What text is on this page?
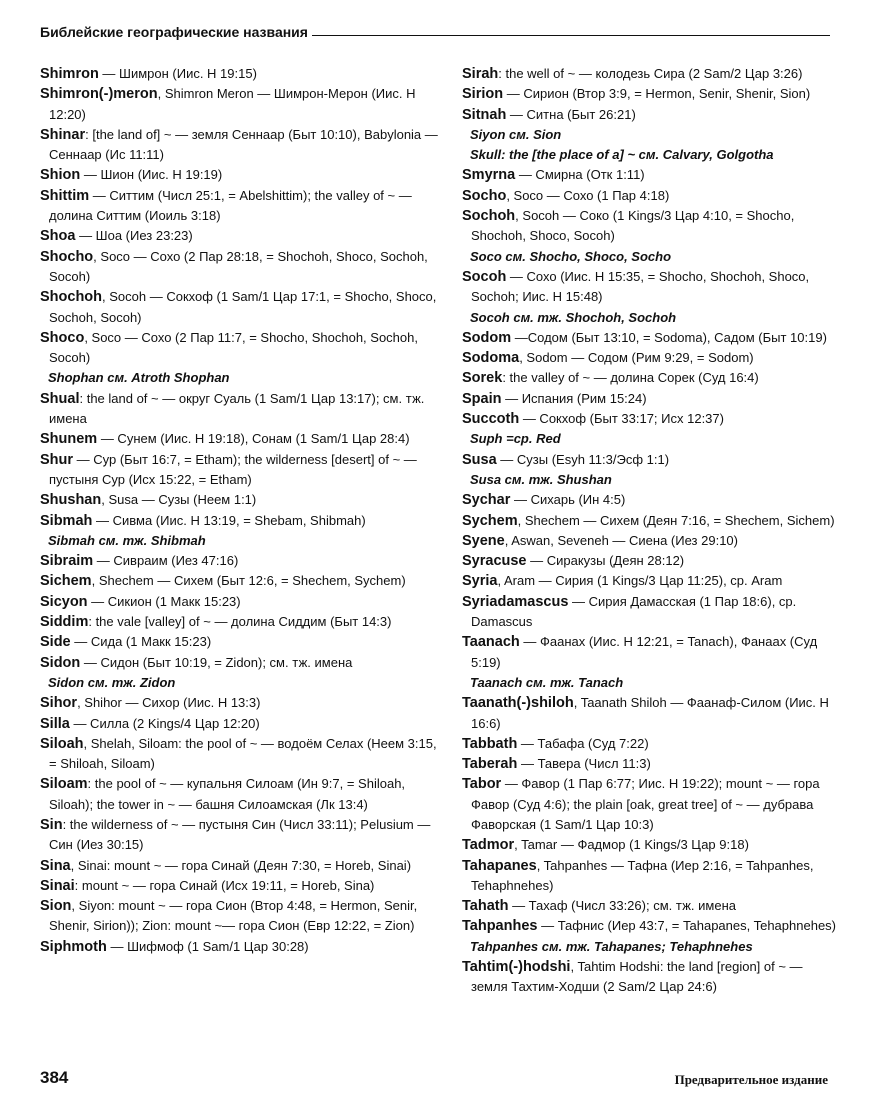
Библейские географические названия
Shimron — Шимрон (Иис. Н 19:15)
Shimron(-)meron, Shimron Meron — Шимрон-Мерон (Иис. Н 12:20)
Shinar: [the land of] ~ — земля Сеннаар (Быт 10:10), Babylonia — Сеннаар (Ис 11:11)
Shion — Шион (Иис. Н 19:19)
Shittim — Ситтим (Числ 25:1, = Abelshittim); the valley of ~ — долина Ситтим (Иоиль 3:18)
Shoa — Шоа (Иез 23:23)
Shocho, Soco — Сохо (2 Пар 28:18, = Shochoh, Shoco, Sochoh, Socoh)
Shochoh, Socoh — Сокхоф (1 Sam/1 Цар 17:1, = Shocho, Shoco, Sochoh, Socoh)
Shoco, Soco — Сохо (2 Пар 11:7, = Shocho, Shochoh, Sochoh, Socoh)
Shophan см. Atroth Shophan
Shual: the land of ~ — округ Суаль (1 Sam/1 Цар 13:17); см. тж. имена
Shunem — Сунем (Иис. Н 19:18), Сонам (1 Sam/1 Цар 28:4)
Shur — Сур (Быт 16:7, = Etham); the wilderness [desert] of ~ — пустыня Сур (Исх 15:22, = Etham)
Shushan, Susa — Сузы (Неем 1:1)
Sibmah — Сивма (Иис. Н 13:19, = Shebam, Shibmah)
Sibmah см. тж. Shibmah
Sibraim — Сивраим (Иез 47:16)
Sichem, Shechem — Сихем (Быт 12:6, = Shechem, Sychem)
Sicyon — Сикион (1 Макк 15:23)
Siddim: the vale [valley] of ~ — долина Сиддим (Быт 14:3)
Side — Сида (1 Макк 15:23)
Sidon — Сидон (Быт 10:19, = Zidon); см. тж. имена
Sidon см. тж. Zidon
Sihor, Shihor — Сихор (Иис. Н 13:3)
Silla — Силла (2 Kings/4 Цар 12:20)
Siloah, Shelah, Siloam: the pool of ~ — водоём Селах (Неем 3:15, = Shiloah, Siloam)
Siloam: the pool of ~ — купальня Силоам (Ин 9:7, = Shiloah, Siloah); the tower in ~ — башня Силоамская (Лк 13:4)
Sin: the wilderness of ~ — пустыня Син (Числ 33:11); Pelusium — Син (Иез 30:15)
Sina, Sinai: mount ~ — гора Синай (Деян 7:30, = Horeb, Sinai)
Sinai: mount ~ — гора Синай (Исх 19:11, = Horeb, Sina)
Sion, Siyon: mount ~ — гора Сион (Втор 4:48, = Hermon, Senir, Shenir, Sirion)); Zion: mount ~— гора Сион (Евр 12:22, = Zion)
Siphmoth — Шифмоф (1 Sam/1 Цар 30:28)
Sirah: the well of ~ — колодезь Сира (2 Sam/2 Цар 3:26)
Sirion — Сирион (Втор 3:9, = Hermon, Senir, Shenir, Sion)
Sitnah — Ситна (Быт 26:21)
Siyon см. Sion
Skull: the [the place of a] ~ см. Calvary, Golgotha
Smyrna — Смирна (Отк 1:11)
Socho, Soco — Сохо (1 Пар 4:18)
Sochoh, Socoh — Соко (1 Kings/3 Цар 4:10, = Shocho, Shochoh, Shoco, Socoh)
Soco см. Shocho, Shoco, Socho
Socoh — Сохо (Иис. Н 15:35, = Shocho, Shochoh, Shoco, Sochoh; Иис. Н 15:48)
Socoh см. тж. Shochoh, Sochoh
Sodom —Содом (Быт 13:10, = Sodoma), Садом (Быт 10:19)
Sodoma, Sodom — Содом (Рим 9:29, = Sodom)
Sorek: the valley of ~ — долина Сорек (Суд 16:4)
Spain — Испания (Рим 15:24)
Succoth — Сокхоф (Быт 33:17; Исх 12:37)
Suph =ср. Red
Susa — Сузы (Esyh 11:3/Эсф 1:1)
Susa см. тж. Shushan
Sychar — Сихарь (Ин 4:5)
Sychem, Shechem — Сихем (Деян 7:16, = Shechem, Sichem)
Syene, Aswan, Seveneh — Сиена (Иез 29:10)
Syracuse — Сиракузы (Деян 28:12)
Syria, Aram — Сирия (1 Kings/3 Цар 11:25), ср. Aram
Syriadamascus — Сирия Дамасская (1 Пар 18:6), ср. Damascus
Taanach — Фаанах (Иис. Н 12:21, = Tanach), Фанаах (Суд 5:19)
Taanach см. тж. Tanach
Taanath(-)shiloh, Taanath Shiloh — Фаанаф-Силом (Иис. Н 16:6)
Tabbath — Табафа (Суд 7:22)
Taberah — Тавера (Числ 11:3)
Tabor — Фавор (1 Пар 6:77; Иис. Н 19:22); mount ~ — гора Фавор (Суд 4:6); the plain [oak, great tree] of ~ — дубрава Фаворская (1 Sam/1 Цар 10:3)
Tadmor, Tamar — Фадмор (1 Kings/3 Цар 9:18)
Tahapanes, Tahpanhes — Тафна (Иер 2:16, = Tahpanhes, Tehaphnehes)
Tahath — Тахаф (Числ 33:26); см. тж. имена
Tahpanhes — Тафнис (Иер 43:7, = Tahapanes, Tehaphnehes)
Tahpanhes см. тж. Tahapanes; Tehaphnehes
Tahtim(-)hodshi, Tahtim Hodshi: the land [region] of ~ — земля Тахтим-Ходши (2 Sam/2 Цар 24:6)
384	Предварительное издание
